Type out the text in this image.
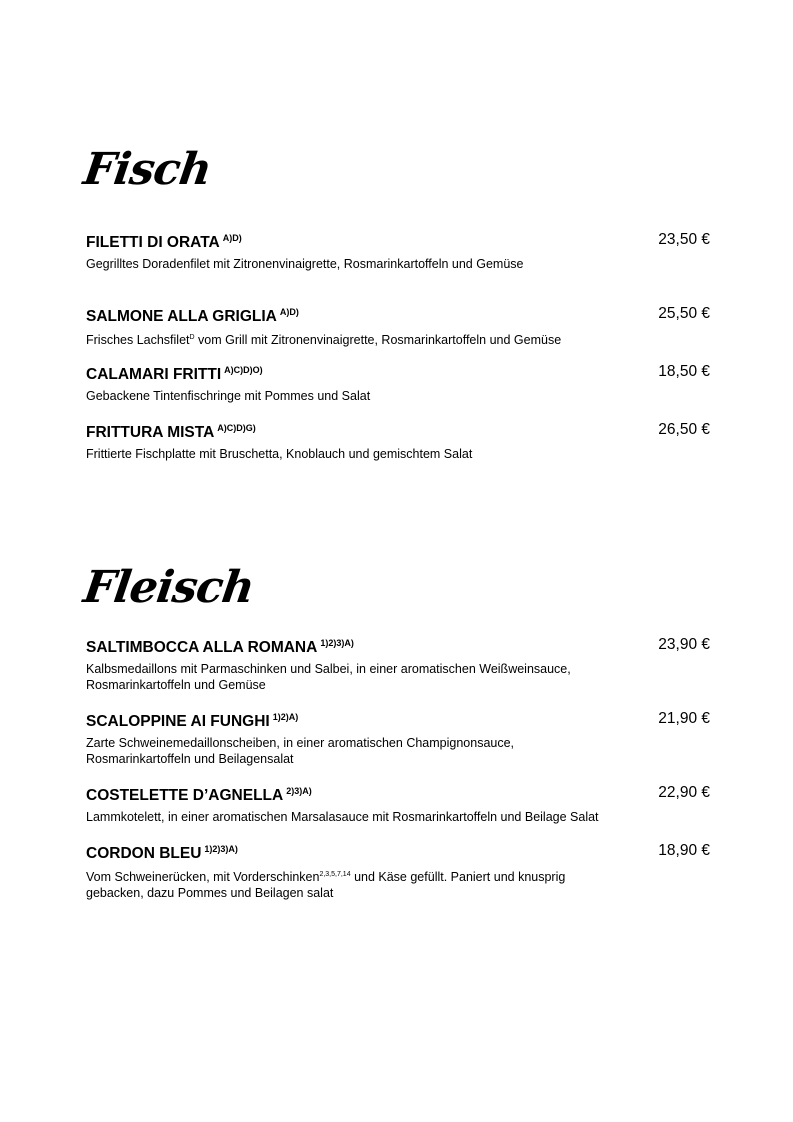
Fisch
FILETTI DI ORATA $^{A)D)}$	23,50 €
Gegrilltes Doradenfilet mit Zitronenvinaigrette, Rosmarinkartoffeln und Gemüse
SALMONE ALLA GRIGLIA $^{A)D)}$	25,50 €
Frisches Lachsfilet$^D$ vom Grill mit Zitronenvinaigrette, Rosmarinkartoffeln und Gemüse
CALAMARI FRITTI $^{A)C)D)O)}$	18,50 €
Gebackene Tintenfischringe mit Pommes und Salat
FRITTURA MISTA $^{A)C)D)G)}$	26,50 €
Frittierte Fischplatte mit Bruschetta, Knoblauch und gemischtem Salat
Fleisch
SALTIMBOCCA ALLA ROMANA $^{1)2)3)A)}$	23,90 €
Kalbsmedaillons mit Parmaschinken und Salbei, in einer aromatischen Weißweinsauce,
Rosmarinkartoffeln und Gemüse
SCALOPPINE AI FUNGHI $^{1)2)A)}$	21,90 €
Zarte Schweinemedaillonscheiben, in einer aromatischen Champignonsauce,
Rosmarinkartoffeln und Beilagensalat
COSTELETTE D’AGNELLA $^{2)3)A)}$	22,90 €
Lammkotelett, in einer aromatischen Marsalasauce mit Rosmarinkartoffeln und Beilage Salat
CORDON BLEU $^{1)2)3)A)}$	18,90 €
Vom Schweinerücken, mit Vorderschinken$^{2,3,5,7,14}$ und Käse gefüllt. Paniert und knusprig
gebacken, dazu Pommes und Beilagen salat
